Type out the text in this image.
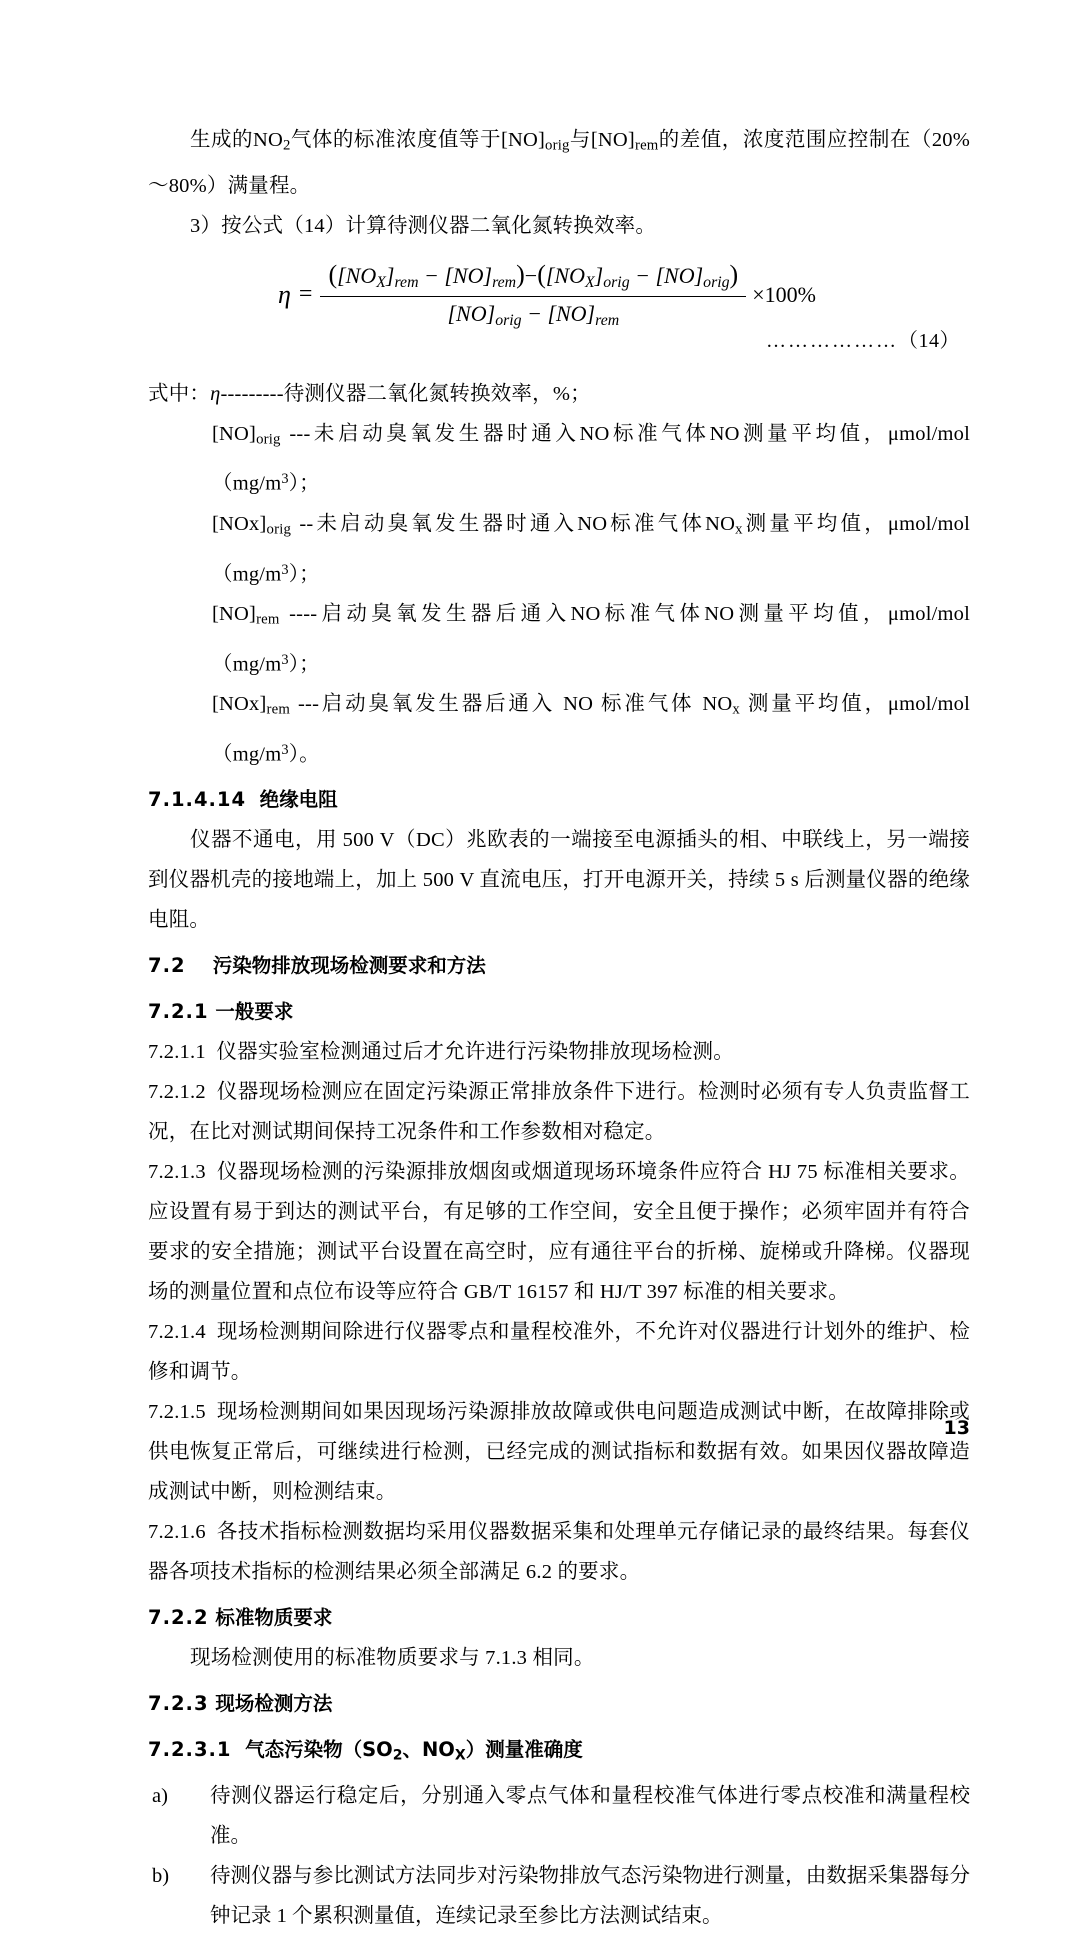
生成的$NO_2$气体的标准浓度值等于$[NO]_{orig}$与$[NO]_{rem}$的差值，浓度范围应控制在（20%～80%）满量程。

3）按公式（14）计算待测仪器二氧化氮转换效率。

$\eta = \frac{([NO_X]_{rem} - [NO]_{rem})-([NO_X]_{orig} - [NO]_{orig})}{[NO]_{orig} - [NO]_{rem}} \times 100\%$
………………（14）

式中：η---------待测仪器二氧化氮转换效率，%；

$[NO]_{orig}$ ---未启动臭氧发生器时通入NO标准气体NO测量平均值，μmol/$mol(mg/m^3)$；

$[NOx]_{orig}$ --未启动臭氧发生器时通入NO标准气体$NO_x$测量平均值，μmol/$mol(mg/m^3)$；

$[NO]_{rem}$ ----启动臭氧发生器后通入NO标准气体NO测量平均值，μmol/$mol(mg/m^3)$；

$[NOx]_{rem}$ ---启动臭氧发生器后通入 NO 标准气体 $NO_x$ 测量平均值，μmol/$mol(mg/m^3)$。

7.1.4.14 绝缘电阻

仪器不通电，用 500 V（DC）兆欧表的一端接至电源插头的相、中联线上，另一端接到仪器机壳的接地端上，加上 500 V 直流电压，打开电源开关，持续 5 s 后测量仪器的绝缘电阻。

7.2 污染物排放现场检测要求和方法
7.2.1 一般要求

7.2.1.1 仪器实验室检测通过后才允许进行污染物排放现场检测。

7.2.1.2 仪器现场检测应在固定污染源正常排放条件下进行。检测时必须有专人负责监督工况，在比对测试期间保持工况条件和工作参数相对稳定。

7.2.1.3 仪器现场检测的污染源排放烟囱或烟道现场环境条件应符合 HJ 75 标准相关要求。应设置有易于到达的测试平台，有足够的工作空间，安全且便于操作；必须牢固并有符合要求的安全措施；测试平台设置在高空时，应有通往平台的折梯、旋梯或升降梯。仪器现场的测量位置和点位布设等应符合 GB/T 16157 和 HJ/T 397 标准的相关要求。

7.2.1.4 现场检测期间除进行仪器零点和量程校准外，不允许对仪器进行计划外的维护、检修和调节。

7.2.1.5 现场检测期间如果因现场污染源排放故障或供电问题造成测试中断，在故障排除或供电恢复正常后，可继续进行检测，已经完成的测试指标和数据有效。如果因仪器故障造成测试中断，则检测结束。

7.2.1.6 各技术指标检测数据均采用仪器数据采集和处理单元存储记录的最终结果。每套仪器各项技术指标的检测结果必须全部满足 6.2 的要求。

7.2.2 标准物质要求

现场检测使用的标准物质要求与 7.1.3 相同。

7.2.3 现场检测方法
7.2.3.1 气态污染物（$SO_2$、$NO_X$）测量准确度
a)	待测仪器运行稳定后，分别通入零点气体和量程校准气体进行零点校准和满量程校准。
b)	待测仪器与参比测试方法同步对污染物排放气态污染物进行测量，由数据采集器每分钟记录 1 个累积测量值，连续记录至参比方法测试结束。
13
